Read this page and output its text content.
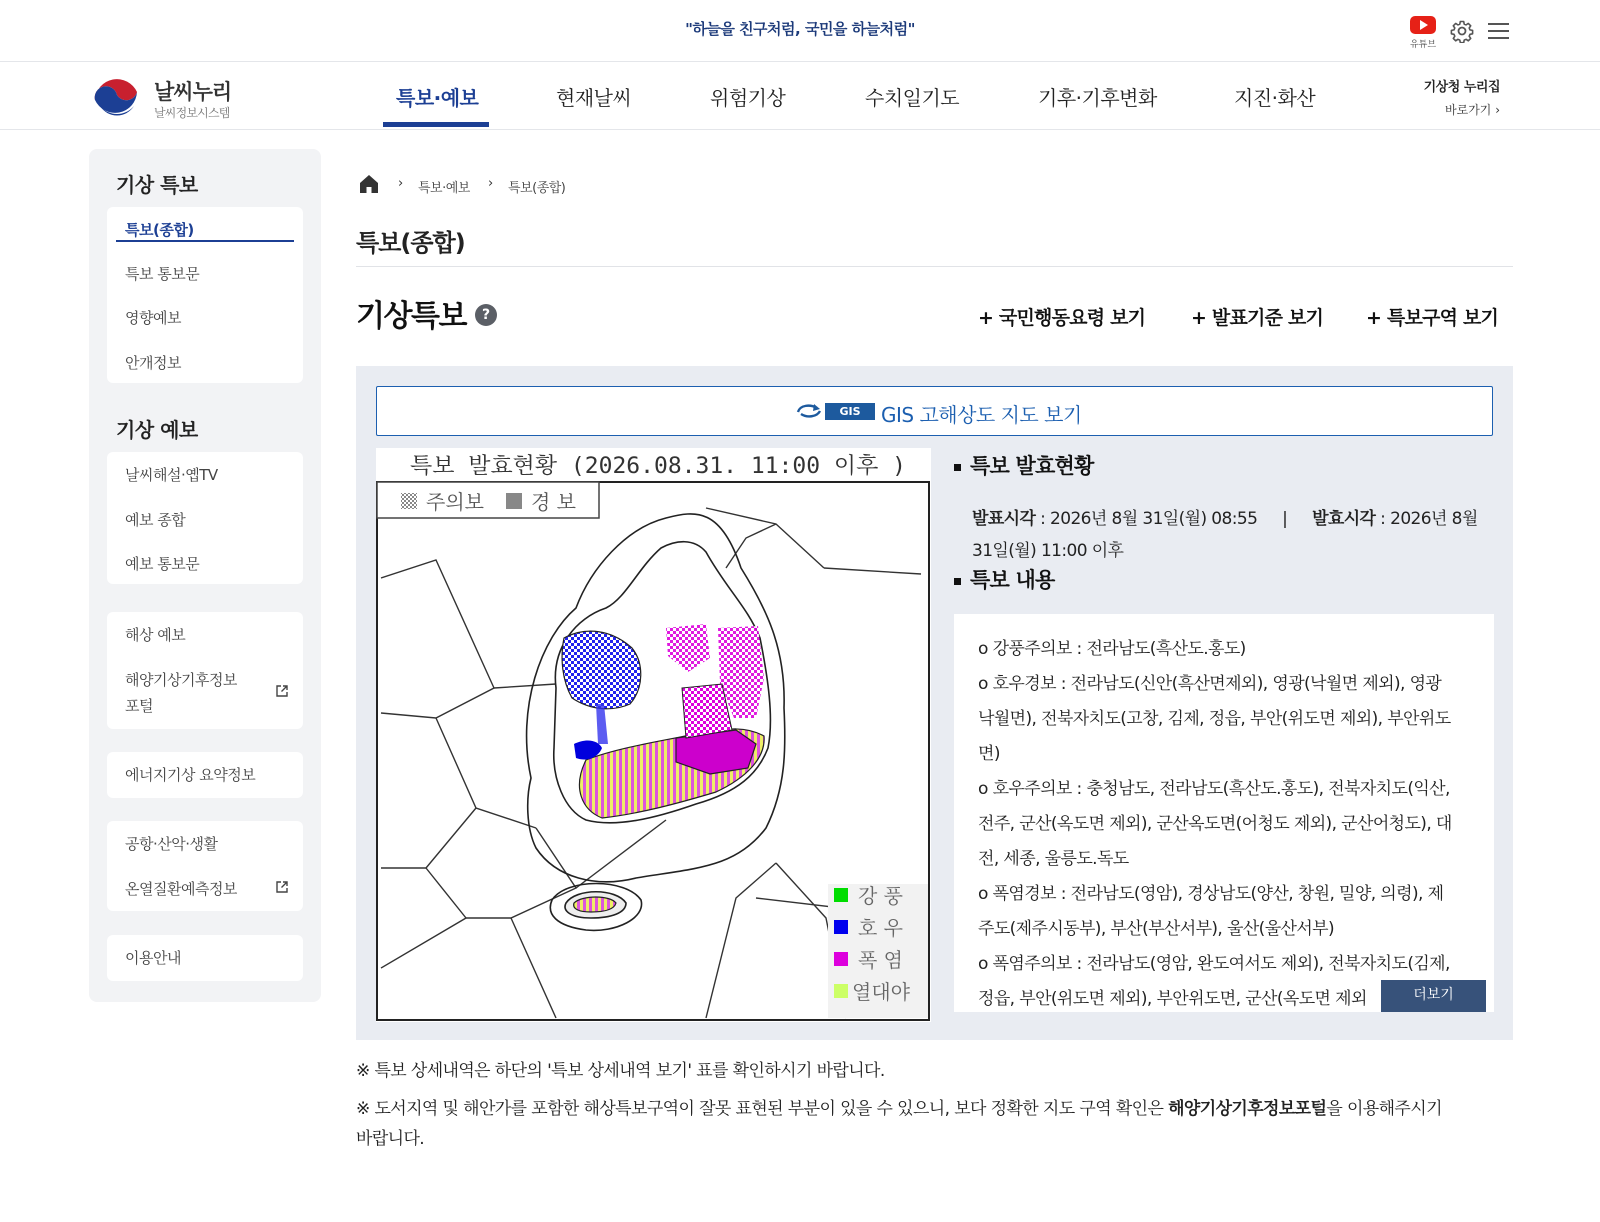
"하늘을 친구처럼, 국민을 하늘처럼"
유튜브
날씨누리
날씨정보시스템
특보·예보	현재날씨	위험기상	수치일기도	기후·기후변화	지진·화산	기상청 누리집
바로가기 ›
기상 특보
특보(종합)
특보 통보문
영향예보
안개정보
기상 예보
날씨해설·옙TV
예보 종합
예보 통보문
해상 예보
해양기상기후정보
포털
에너지기상 요약정보
공항·산악·생활
온열질환예측정보
이용안내
› 특보·예보 › 특보(종합)
특보(종합)
기상특보	?	+ 국민행동요령 보기 + 발표기준 보기 + 특보구역 보기
GIS	GIS 고해상도 지도 보기
특보 발효현황 (2026.08.31. 11:00 이후 )
주의보 경 보
강 풍
호 우
폭 염
열대야
특보 발효현황
발표시각 : 2026년 8월 31일(월) 08:55 | 발효시각 : 2026년 8월
31일(월) 11:00 이후
특보 내용
o 강풍주의보 : 전라남도(흑산도.홍도)
o 호우경보 : 전라남도(신안(흑산면제외), 영광(낙월면 제외), 영광
낙월면), 전북자치도(고창, 김제, 정읍, 부안(위도면 제외), 부안위도
면)
o 호우주의보 : 충청남도, 전라남도(흑산도.홍도), 전북자치도(익산,
전주, 군산(옥도면 제외), 군산옥도면(어청도 제외), 군산어청도), 대
전, 세종, 울릉도.독도
o 폭염경보 : 전라남도(영암), 경상남도(양산, 창원, 밀양, 의령), 제
주도(제주시동부), 부산(부산서부), 울산(울산서부)
o 폭염주의보 : 전라남도(영암, 완도여서도 제외), 전북자치도(김제,
정읍, 부안(위도면 제외), 부안위도면, 군산(옥도면 제외	더보기
※ 특보 상세내역은 하단의 '특보 상세내역 보기' 표를 확인하시기 바랍니다.
※ 도서지역 및 해안가를 포함한 해상특보구역이 잘못 표현된 부분이 있을 수 있으니, 보다 정확한 지도 구역 확인은 해양기상기후정보포털을 이용해주시기
바랍니다.
